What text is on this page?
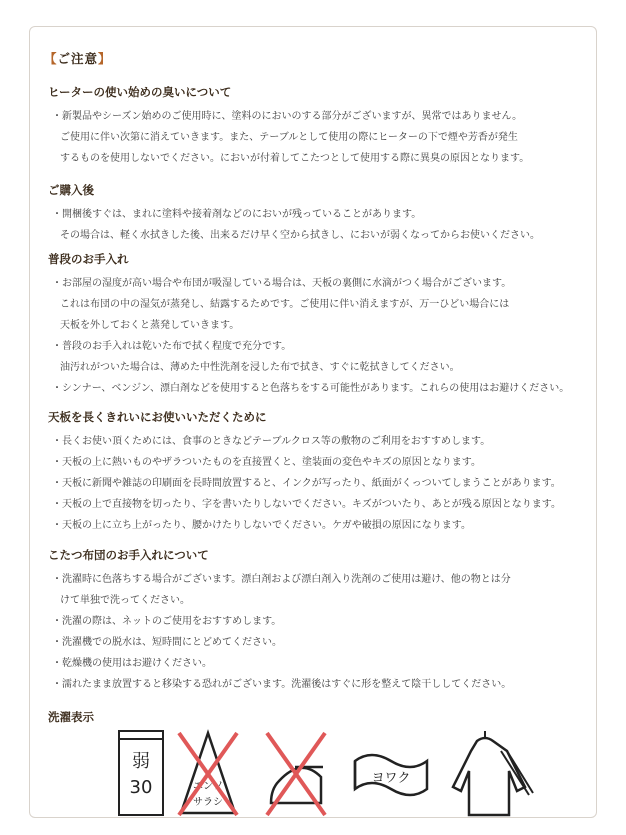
【ご注意】
ヒーターの使い始めの臭いについて
・新製品やシーズン始めのご使用時に、塗料のにおいのする部分がございますが、異常ではありません。
ご使用に伴い次第に消えていきます。また、テーブルとして使用の際にヒーターの下で煙や芳香が発生
するものを使用しないでください。においが付着してこたつとして使用する際に異臭の原因となります。
ご購入後
・開梱後すぐは、まれに塗料や接着剤などのにおいが残っていることがあります。
その場合は、軽く水拭きした後、出来るだけ早く空から拭きし、においが弱くなってからお使いください。
普段のお手入れ
・お部屋の湿度が高い場合や布団が吸湿している場合は、天板の裏側に水滴がつく場合がございます。
これは布団の中の湿気が蒸発し、結露するためです。ご使用に伴い消えますが、万一ひどい場合には
天板を外しておくと蒸発していきます。
・普段のお手入れは乾いた布で拭く程度で充分です。
油汚れがついた場合は、薄めた中性洗剤を浸した布で拭き、すぐに乾拭きしてください。
・シンナー、ベンジン、漂白剤などを使用すると色落ちをする可能性があります。これらの使用はお避けください。
天板を長くきれいにお使いいただくために
・長くお使い頂くためには、食事のときなどテーブルクロス等の敷物のご利用をおすすめします。
・天板の上に熱いものやザラついたものを直接置くと、塗装面の変色やキズの原因となります。
・天板に新聞や雑誌の印刷面を長時間放置すると、インクが写ったり、紙面がくっついてしまうことがあります。
・天板の上で直接物を切ったり、字を書いたりしないでください。キズがついたり、あとが残る原因となります。
・天板の上に立ち上がったり、腰かけたりしないでください。ケガや破損の原因になります。
こたつ布団のお手入れについて
・洗濯時に色落ちする場合がございます。漂白剤および漂白剤入り洗剤のご使用は避け、他の物とは分
けて単独で洗ってください。
・洗濯の際は、ネットのご使用をおすすめします。
・洗濯機での脱水は、短時間にとどめてください。
・乾燥機の使用はお避けください。
・濡れたまま放置すると移染する恐れがございます。洗濯後はすぐに形を整えて陰干ししてください。
洗濯表示
弱
30	エンソ
サラシ
ヨワク
